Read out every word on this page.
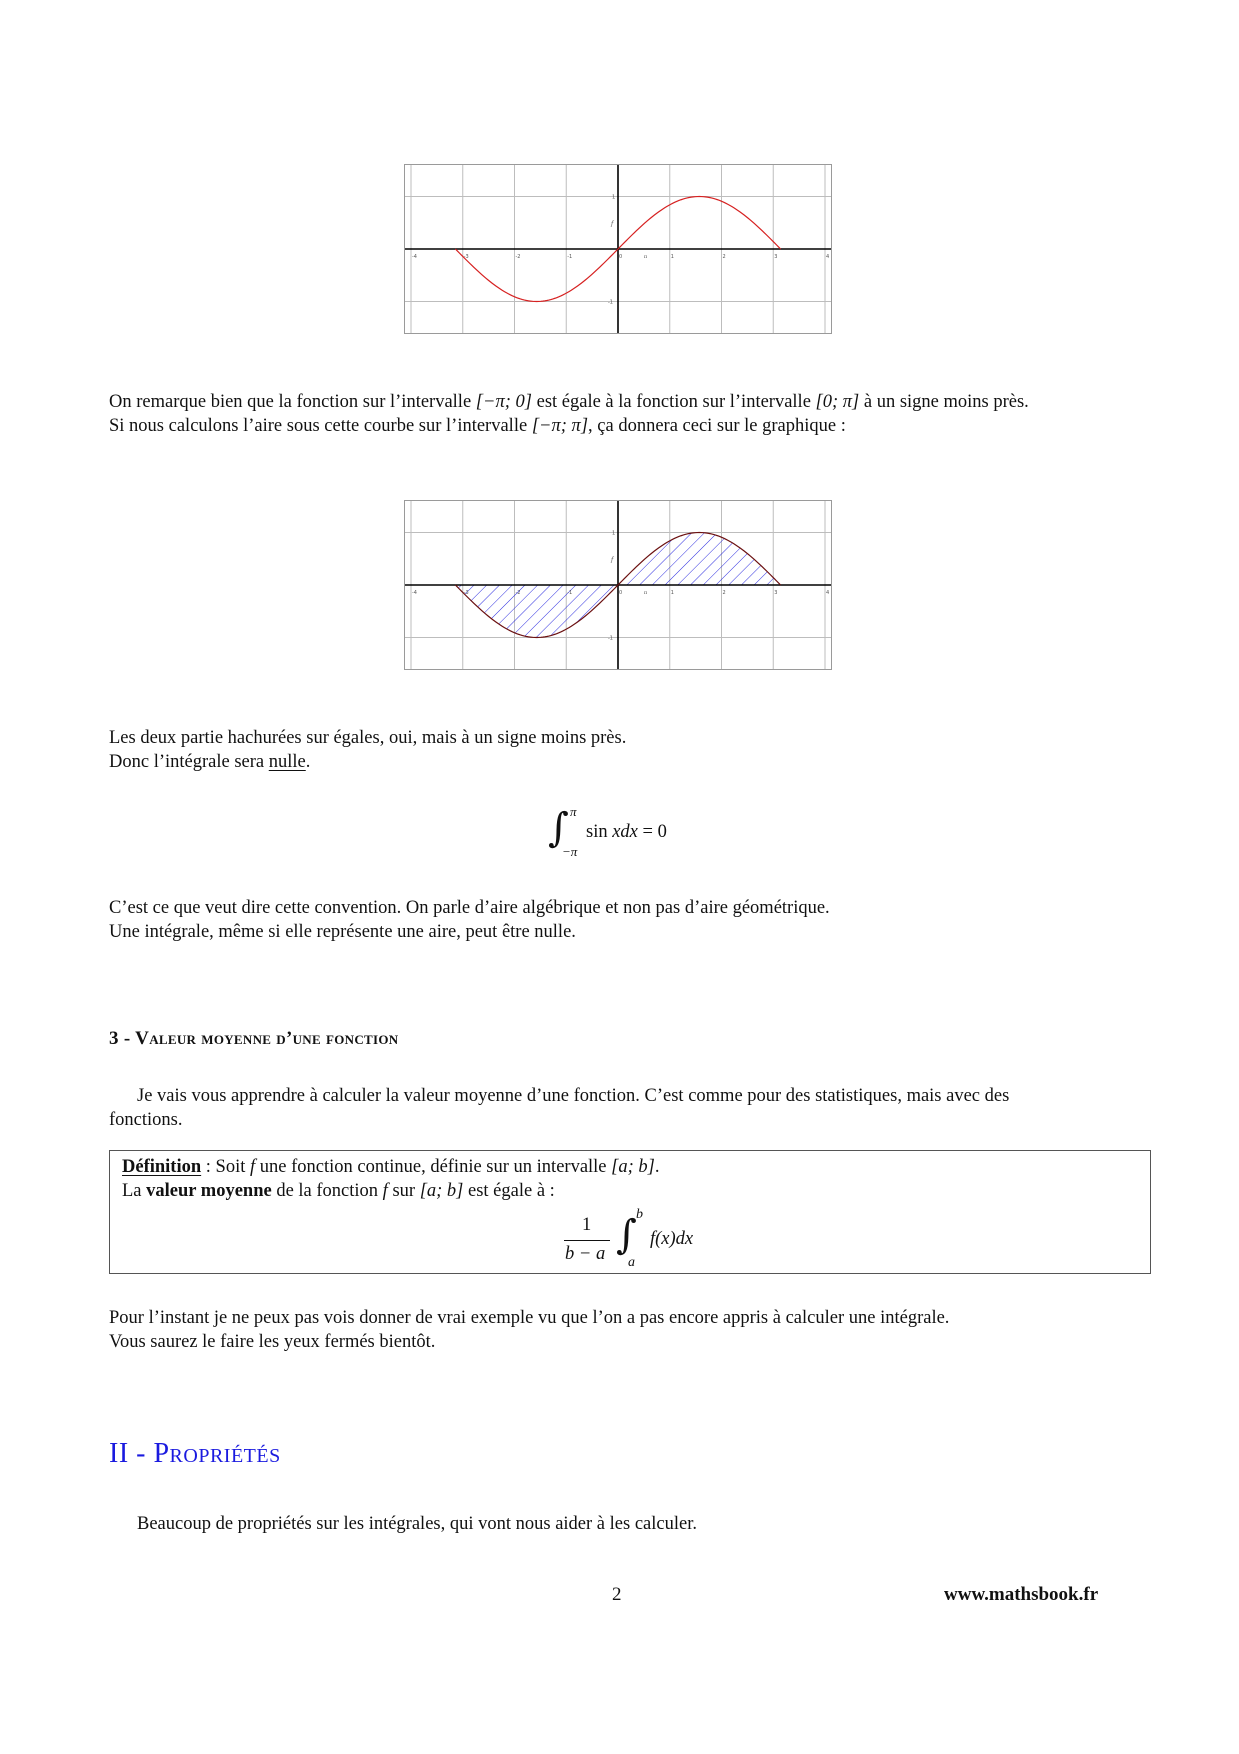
-4	-3	-2	-1	0	1	2	3	4
-1
1
f
π
On remarque bien que la fonction sur l’intervalle [−π; 0] est égale à la fonction sur l’intervalle [0; π] à un signe moins près.
Si nous calculons l’aire sous cette courbe sur l’intervalle [−π; π], ça donnera ceci sur le graphique :
-4	-3	-2	-1	0	1	2	3	4
-1
1
f
π
Les deux partie hachurées sur égales, oui, mais à un signe moins près.
Donc l’intégrale sera nulle.
∫ π
−π
sin xdx = 0
C’est ce que veut dire cette convention. On parle d’aire algébrique et non pas d’aire géométrique.
Une intégrale, même si elle représente une aire, peut être nulle.
3 - Valeur moyenne d’une fonction
Je vais vous apprendre à calculer la valeur moyenne d’une fonction. C’est comme pour des statistiques, mais avec des
fonctions.
Définition : Soit f une fonction continue, définie sur un intervalle [a; b].
La valeur moyenne de la fonction f sur [a; b] est égale à :
1
b − a ∫ b
a
f(x)dx
Pour l’instant je ne peux pas vois donner de vrai exemple vu que l’on a pas encore appris à calculer une intégrale.
Vous saurez le faire les yeux fermés bientôt.
II - Propriétés
Beaucoup de propriétés sur les intégrales, qui vont nous aider à les calculer.
2	www.mathsbook.fr
